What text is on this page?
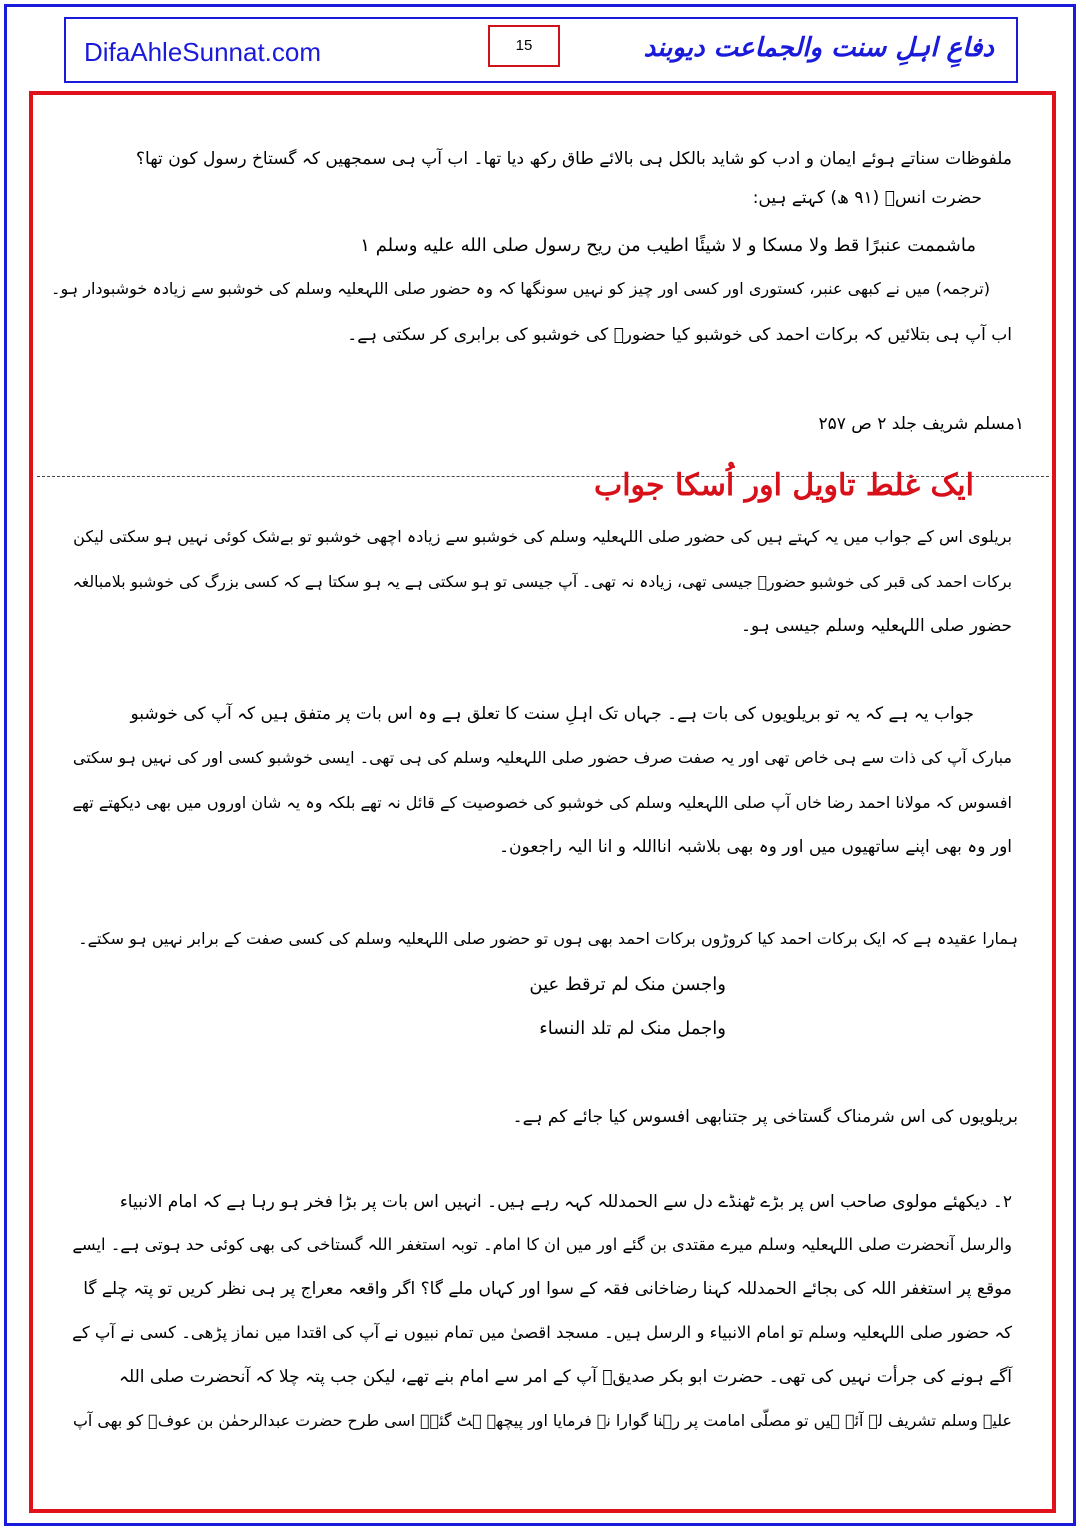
DifaAhleSunnat.com	15	دفاعِ اہلِ سنت والجماعت دیوبند
ملفوظات سناتے ہوئے ایمان و ادب کو شاید بالکل ہی بالائے طاق رکھ دیا تھا۔ اب آپ ہی سمجھیں کہ گستاخ رسول کون تھا؟
حضرت انسؓ (۹۱ ھ) کہتے ہیں:
ماشممت عنبرًا قط ولا مسكا و لا شيئًا اطيب من ريح رسول صلى الله عليه وسلم ۱
(ترجمہ) میں نے کبھی عنبر، کستوری اور کسی اور چیز کو نہیں سونگھا کہ وہ حضور صلی اللہعلیہ وسلم کی خوشبو سے زیادہ خوشبودار ہو۔
اب آپ ہی بتلائیں کہ برکات احمد کی خوشبو کیا حضورؐ کی خوشبو کی برابری کر سکتی ہے۔
۱مسلم شریف جلد ۲ ص ۲۵۷
ایک غلط تاویل اور اُسکا جواب
بریلوی اس کے جواب میں یہ کہتے ہیں کی حضور صلی اللہعلیہ وسلم کی خوشبو سے زیادہ اچھی خوشبو تو بےشک کوئی نہیں ہو سکتی لیکن
برکات احمد کی قبر کی خوشبو حضورؐ جیسی تھی، زیادہ نہ تھی۔ آپ جیسی تو ہو سکتی ہے یہ ہو سکتا ہے کہ کسی بزرگ کی خوشبو بلامبالغہ
حضور صلی اللہعلیہ وسلم جیسی ہو۔
جواب یہ ہے کہ یہ تو بریلویوں کی بات ہے۔ جہاں تک اہلِ سنت کا تعلق ہے وہ اس بات پر متفق ہیں کہ آپ کی خوشبو
مبارک آپ کی ذات سے ہی خاص تھی اور یہ صفت صرف حضور صلی اللہعلیہ وسلم کی ہی تھی۔ ایسی خوشبو کسی اور کی نہیں ہو سکتی
افسوس کہ مولانا احمد رضا خاں آپ صلی اللہعلیہ وسلم کی خوشبو کی خصوصیت کے قائل نہ تھے بلکہ وہ یہ شان اوروں میں بھی دیکھتے تھے
اور وہ بھی اپنے ساتھیوں میں اور وہ بھی بلاشبہ انااللہ و انا الیہ راجعون۔
ہمارا عقیدہ ہے کہ ایک برکات احمد کیا کروڑوں برکات احمد بھی ہوں تو حضور صلی اللہعلیہ وسلم کی کسی صفت کے برابر نہیں ہو سکتے۔
واجسن منک لم ترقط عين
واجمل منک لم تلد النساء
بریلویوں کی اس شرمناک گستاخی پر جتنابھی افسوس کیا جائے کم ہے۔
۲۔ دیکھئے مولوی صاحب اس پر بڑے ٹھنڈے دل سے الحمدللہ کہہ رہے ہیں۔ انہیں اس بات پر بڑا فخر ہو رہا ہے کہ امام الانبیاء
والرسل آنحضرت صلی اللہعلیہ وسلم میرے مقتدی بن گئے اور میں ان کا امام۔ توبہ استغفر اللہ گستاخی کی بھی کوئی حد ہوتی ہے۔ ایسے
موقع پر استغفر اللہ کی بجائے الحمدللہ کہنا رضاخانی فقہ کے سوا اور کہاں ملے گا؟ اگر واقعہ معراج پر ہی نظر کریں تو پتہ چلے گا
کہ حضور صلی اللہعلیہ وسلم تو امام الانبیاء و الرسل ہیں۔ مسجد اقصیٰ میں تمام نبیوں نے آپ کی اقتدا میں نماز پڑھی۔ کسی نے آپ کے
آگے ہونے کی جرأت نہیں کی تھی۔ حضرت ابو بکر صدیقؓ آپ کے امر سے امام بنے تھے، لیکن جب پتہ چلا کہ آنحضرت صلی اللہ
علیہ وسلم تشریف لے آئے ہیں تو مصلّی امامت پر رہنا گوارا نہ فرمایا اور پیچھے ہٹ گئے۔ اسی طرح حضرت عبدالرحمٰن بن عوفؓ کو بھی آپ
